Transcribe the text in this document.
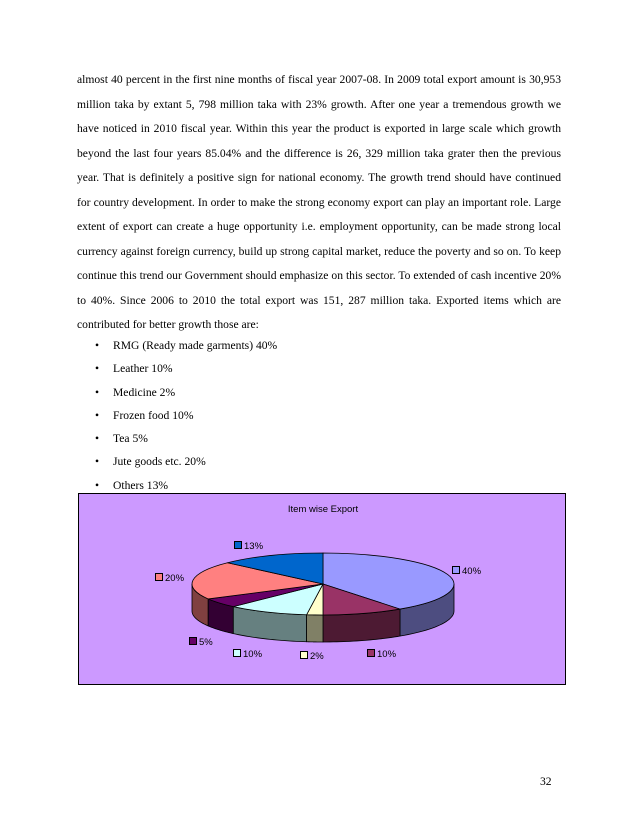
almost 40 percent in the first nine months of fiscal year 2007-08. In 2009 total export amount is 30,953 million taka by extant 5, 798 million taka with 23% growth. After one year a tremendous growth we have noticed in 2010 fiscal year. Within this year the product is exported in large scale which growth beyond the last four years 85.04% and the difference is 26, 329 million taka grater then the previous year. That is definitely a positive sign for national economy. The growth trend should have continued for country development. In order to make the strong economy export can play an important role. Large extent of export can create a huge opportunity i.e. employment opportunity, can be made strong local currency against foreign currency, build up strong capital market, reduce the poverty and so on. To keep continue this trend our Government should emphasize on this sector. To extended of cash incentive 20% to 40%. Since 2006 to 2010 the total export was 151, 287 million taka. Exported items which are contributed for better growth those are:

• RMG (Ready made garments) 40%
• Leather 10%
• Medicine 2%
• Frozen food 10%
• Tea 5%
• Jute goods etc. 20%
• Others 13%
Item wise Export
13%
40%
20%
5%
10%	2%	10%
32
